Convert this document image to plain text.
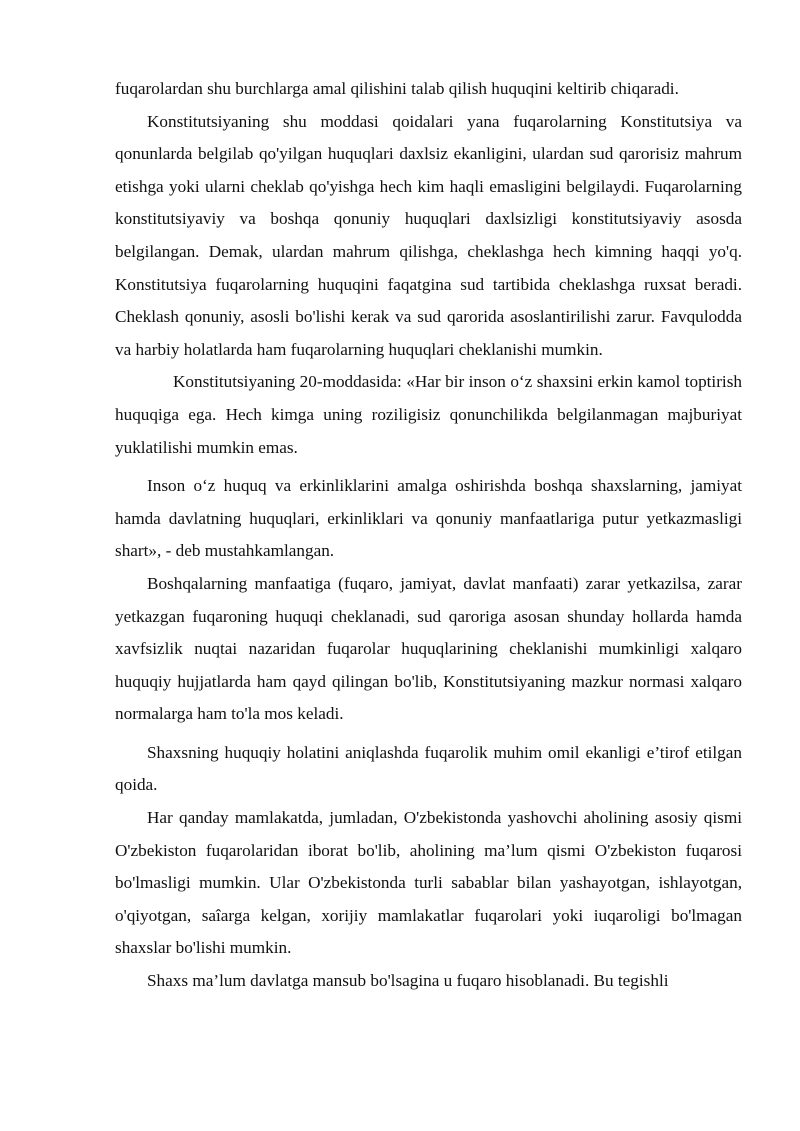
fuqarolardan shu burchlarga amal qilishini talab qilish huquqini keltirib chiqaradi.

Konstitutsiyaning shu moddasi qoidalari yana fuqarolarning Konstitutsiya va qonunlarda belgilab qo'yilgan huquqlari daxlsiz ekanligini, ulardan sud qarorisiz mahrum etishga yoki ularni cheklab qo'yishga hech kim haqli emasligini belgilaydi. Fuqarolarning konstitutsiyaviy va boshqa qonuniy huquqlari daxlsizligi konstitutsiyaviy asosda belgilangan. Demak, ulardan mahrum qilishga, cheklashga hech kimning haqqi yo'q. Konstitutsiya fuqarolarning huquqini faqatgina sud tartibida cheklashga ruxsat beradi. Cheklash qonuniy, asosli bo'lishi kerak va sud qarorida asoslantirilishi zarur. Favqulodda va harbiy holatlarda ham fuqarolarning huquqlari cheklanishi mumkin.

Konstitutsiyaning 20-moddasida: «Har bir inson o‘z shaxsini erkin kamol toptirish huquqiga ega. Hech kimga uning roziligisiz qonunchilikda belgilanmagan majburiyat yuklatilishi mumkin emas.

Inson o‘z huquq va erkinliklarini amalga oshirishda boshqa shaxslarning, jamiyat hamda davlatning huquqlari, erkinliklari va qonuniy manfaatlariga putur yetkazmasligi shart», - deb mustahkamlangan.

Boshqalarning manfaatiga (fuqaro, jamiyat, davlat manfaati) zarar yetkazilsa, zarar yetkazgan fuqaroning huquqi cheklanadi, sud qaroriga asosan shunday hollarda hamda xavfsizlik nuqtai nazaridan fuqarolar huquqlarining cheklanishi mumkinligi xalqaro huquqiy hujjatlarda ham qayd qilingan bo'lib, Konstitutsiyaning mazkur normasi xalqaro normalarga ham to'la mos keladi.

Shaxsning huquqiy holatini aniqlashda fuqarolik muhim omil ekanligi e’tirof etilgan qoida.

Har qanday mamlakatda, jumladan, O'zbekistonda yashovchi aholining asosiy qismi O'zbekiston fuqarolaridan iborat bo'lib, aholining ma’lum qismi O'zbekiston fuqarosi bo'lmasligi mumkin. Ular O'zbekistonda turli sabablar bilan yashayotgan, ishlayotgan, o'qiyotgan, saîarga kelgan, xorijiy mamlakatlar fuqarolari yoki iuqaroligi bo'lmagan shaxslar bo'lishi mumkin.

Shaxs ma’lum davlatga mansub bo'lsagina u fuqaro hisoblanadi. Bu tegishli
